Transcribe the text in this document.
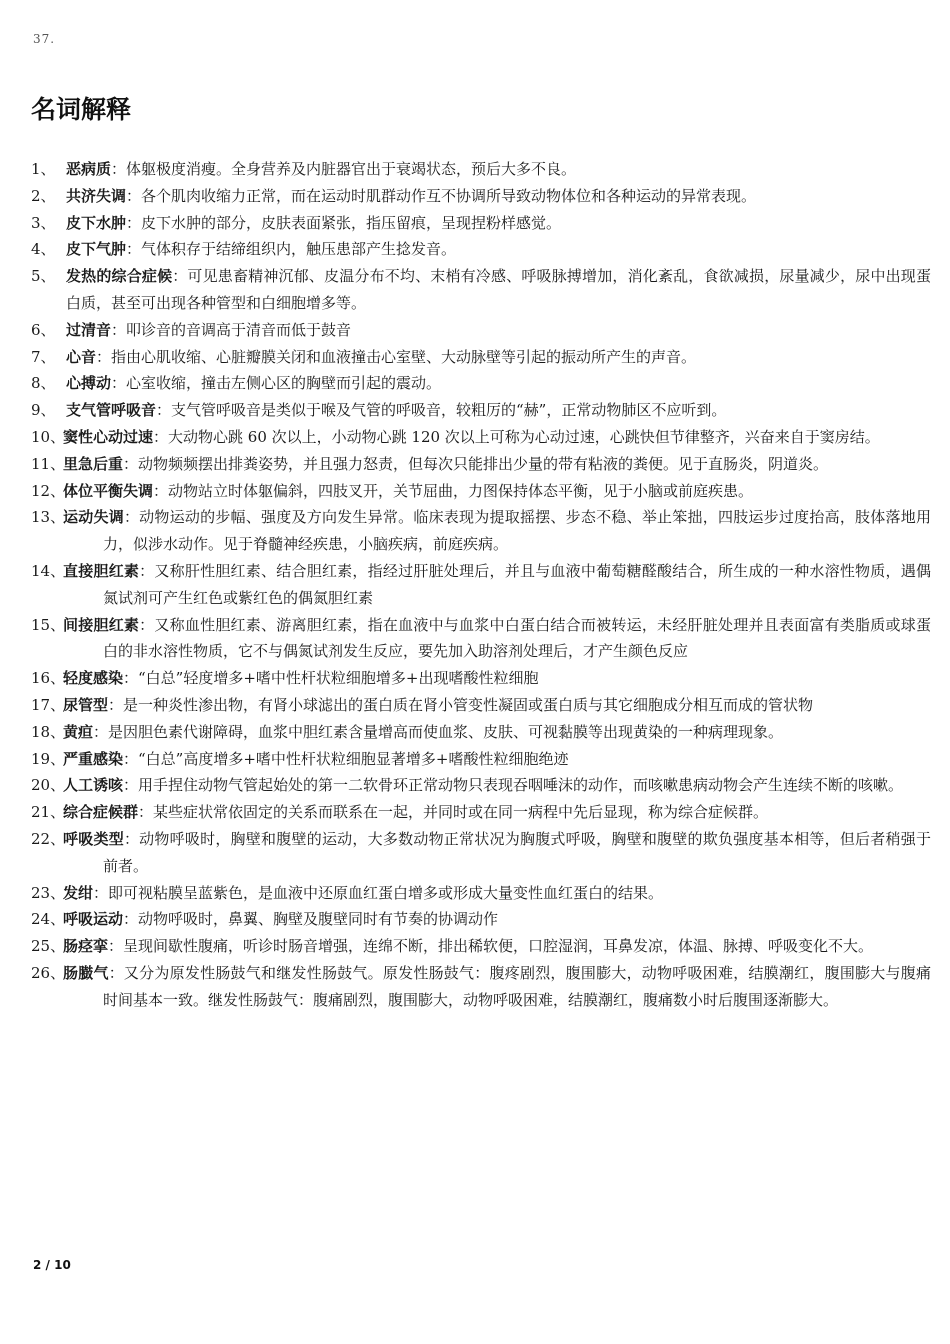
37.
名词解释

1、 恶病质：体躯极度消瘦。全身营养及内脏器官出于衰竭状态，预后大多不良。

2、 共济失调：各个肌肉收缩力正常，而在运动时肌群动作互不协调所导致动物体位和各种运动的异常表现。

3、 皮下水肿：皮下水肿的部分，皮肤表面紧张，指压留痕，呈现捏粉样感觉。

4、 皮下气肿：气体积存于结缔组织内，触压患部产生捻发音。

5、 发热的综合症候：可见患畜精神沉郁、皮温分布不均、末梢有冷感、呼吸脉搏增加，消化紊乱，食欲减损，尿量减少，尿中出现蛋白质，甚至可出现各种管型和白细胞增多等。

6、 过清音：叩诊音的音调高于清音而低于鼓音

7、 心音：指由心肌收缩、心脏瓣膜关闭和血液撞击心室壁、大动脉壁等引起的振动所产生的声音。

8、 心搏动：心室收缩，撞击左侧心区的胸壁而引起的震动。

9、 支气管呼吸音：支气管呼吸音是类似于喉及气管的呼吸音，较粗厉的“赫”，正常动物肺区不应听到。

10、
窦性心动过速：大动物心跳 60 次以上，小动物心跳 120 次以上可称为心动过速，心跳快但节律整齐，兴奋来自于窦房结。

11、
里急后重：动物频频摆出排粪姿势，并且强力怒责，但每次只能排出少量的带有粘液的粪便。见于直肠炎，阴道炎。

12、
体位平衡失调：动物站立时体躯偏斜，四肢叉开，关节屈曲，力图保持体态平衡，见于小脑或前庭疾患。

13、
运动失调：动物运动的步幅、强度及方向发生异常。临床表现为提取摇摆、步态不稳、举止笨拙，四肢运步过度抬高，肢体落地用力，似涉水动作。见于脊髓神经疾患，小脑疾病，前庭疾病。

14、
直接胆红素：又称肝性胆红素、结合胆红素，指经过肝脏处理后，并且与血液中葡萄糖醛酸结合，所生成的一种水溶性物质，遇偶氮试剂可产生红色或紫红色的偶氮胆红素

15、
间接胆红素：又称血性胆红素、游离胆红素，指在血液中与血浆中白蛋白结合而被转运，未经肝脏处理并且表面富有类脂质或球蛋白的非水溶性物质，它不与偶氮试剂发生反应，要先加入助溶剂处理后，才产生颜色反应

16、
轻度感染：“白总”轻度增多+嗜中性杆状粒细胞增多+出现嗜酸性粒细胞

17、
尿管型：是一种炎性渗出物，有肾小球滤出的蛋白质在肾小管变性凝固或蛋白质与其它细胞成分相互而成的管状物

18、
黄疸：是因胆色素代谢障碍，血浆中胆红素含量增高而使血浆、皮肤、可视黏膜等出现黄染的一种病理现象。

19、
严重感染：“白总”高度增多+嗜中性杆状粒细胞显著增多+嗜酸性粒细胞绝迹

20、
人工诱咳：用手捏住动物气管起始处的第一二软骨环正常动物只表现吞咽唾沫的动作，而咳嗽患病动物会产生连续不断的咳嗽。

21、
综合症候群：某些症状常依固定的关系而联系在一起，并同时或在同一病程中先后显现，称为综合症候群。

22、
呼吸类型：动物呼吸时，胸壁和腹壁的运动，大多数动物正常状况为胸腹式呼吸，胸壁和腹壁的欺负强度基本相等，但后者稍强于前者。

23、
发绀：即可视粘膜呈蓝紫色，是血液中还原血红蛋白增多或形成大量变性血红蛋白的结果。

24、
呼吸运动：动物呼吸时，鼻翼、胸壁及腹壁同时有节奏的协调动作

25、
肠痉挛：呈现间歇性腹痛，听诊时肠音增强，连绵不断，排出稀软便，口腔湿润，耳鼻发凉，体温、脉搏、呼吸变化不大。

26、
肠臌气：又分为原发性肠鼓气和继发性肠鼓气。原发性肠鼓气：腹疼剧烈，腹围膨大，动物呼吸困难，结膜潮红，腹围膨大与腹痛时间基本一致。继发性肠鼓气：腹痛剧烈，腹围膨大，动物呼吸困难，结膜潮红，腹痛数小时后腹围逐渐膨大。

2 / 10
